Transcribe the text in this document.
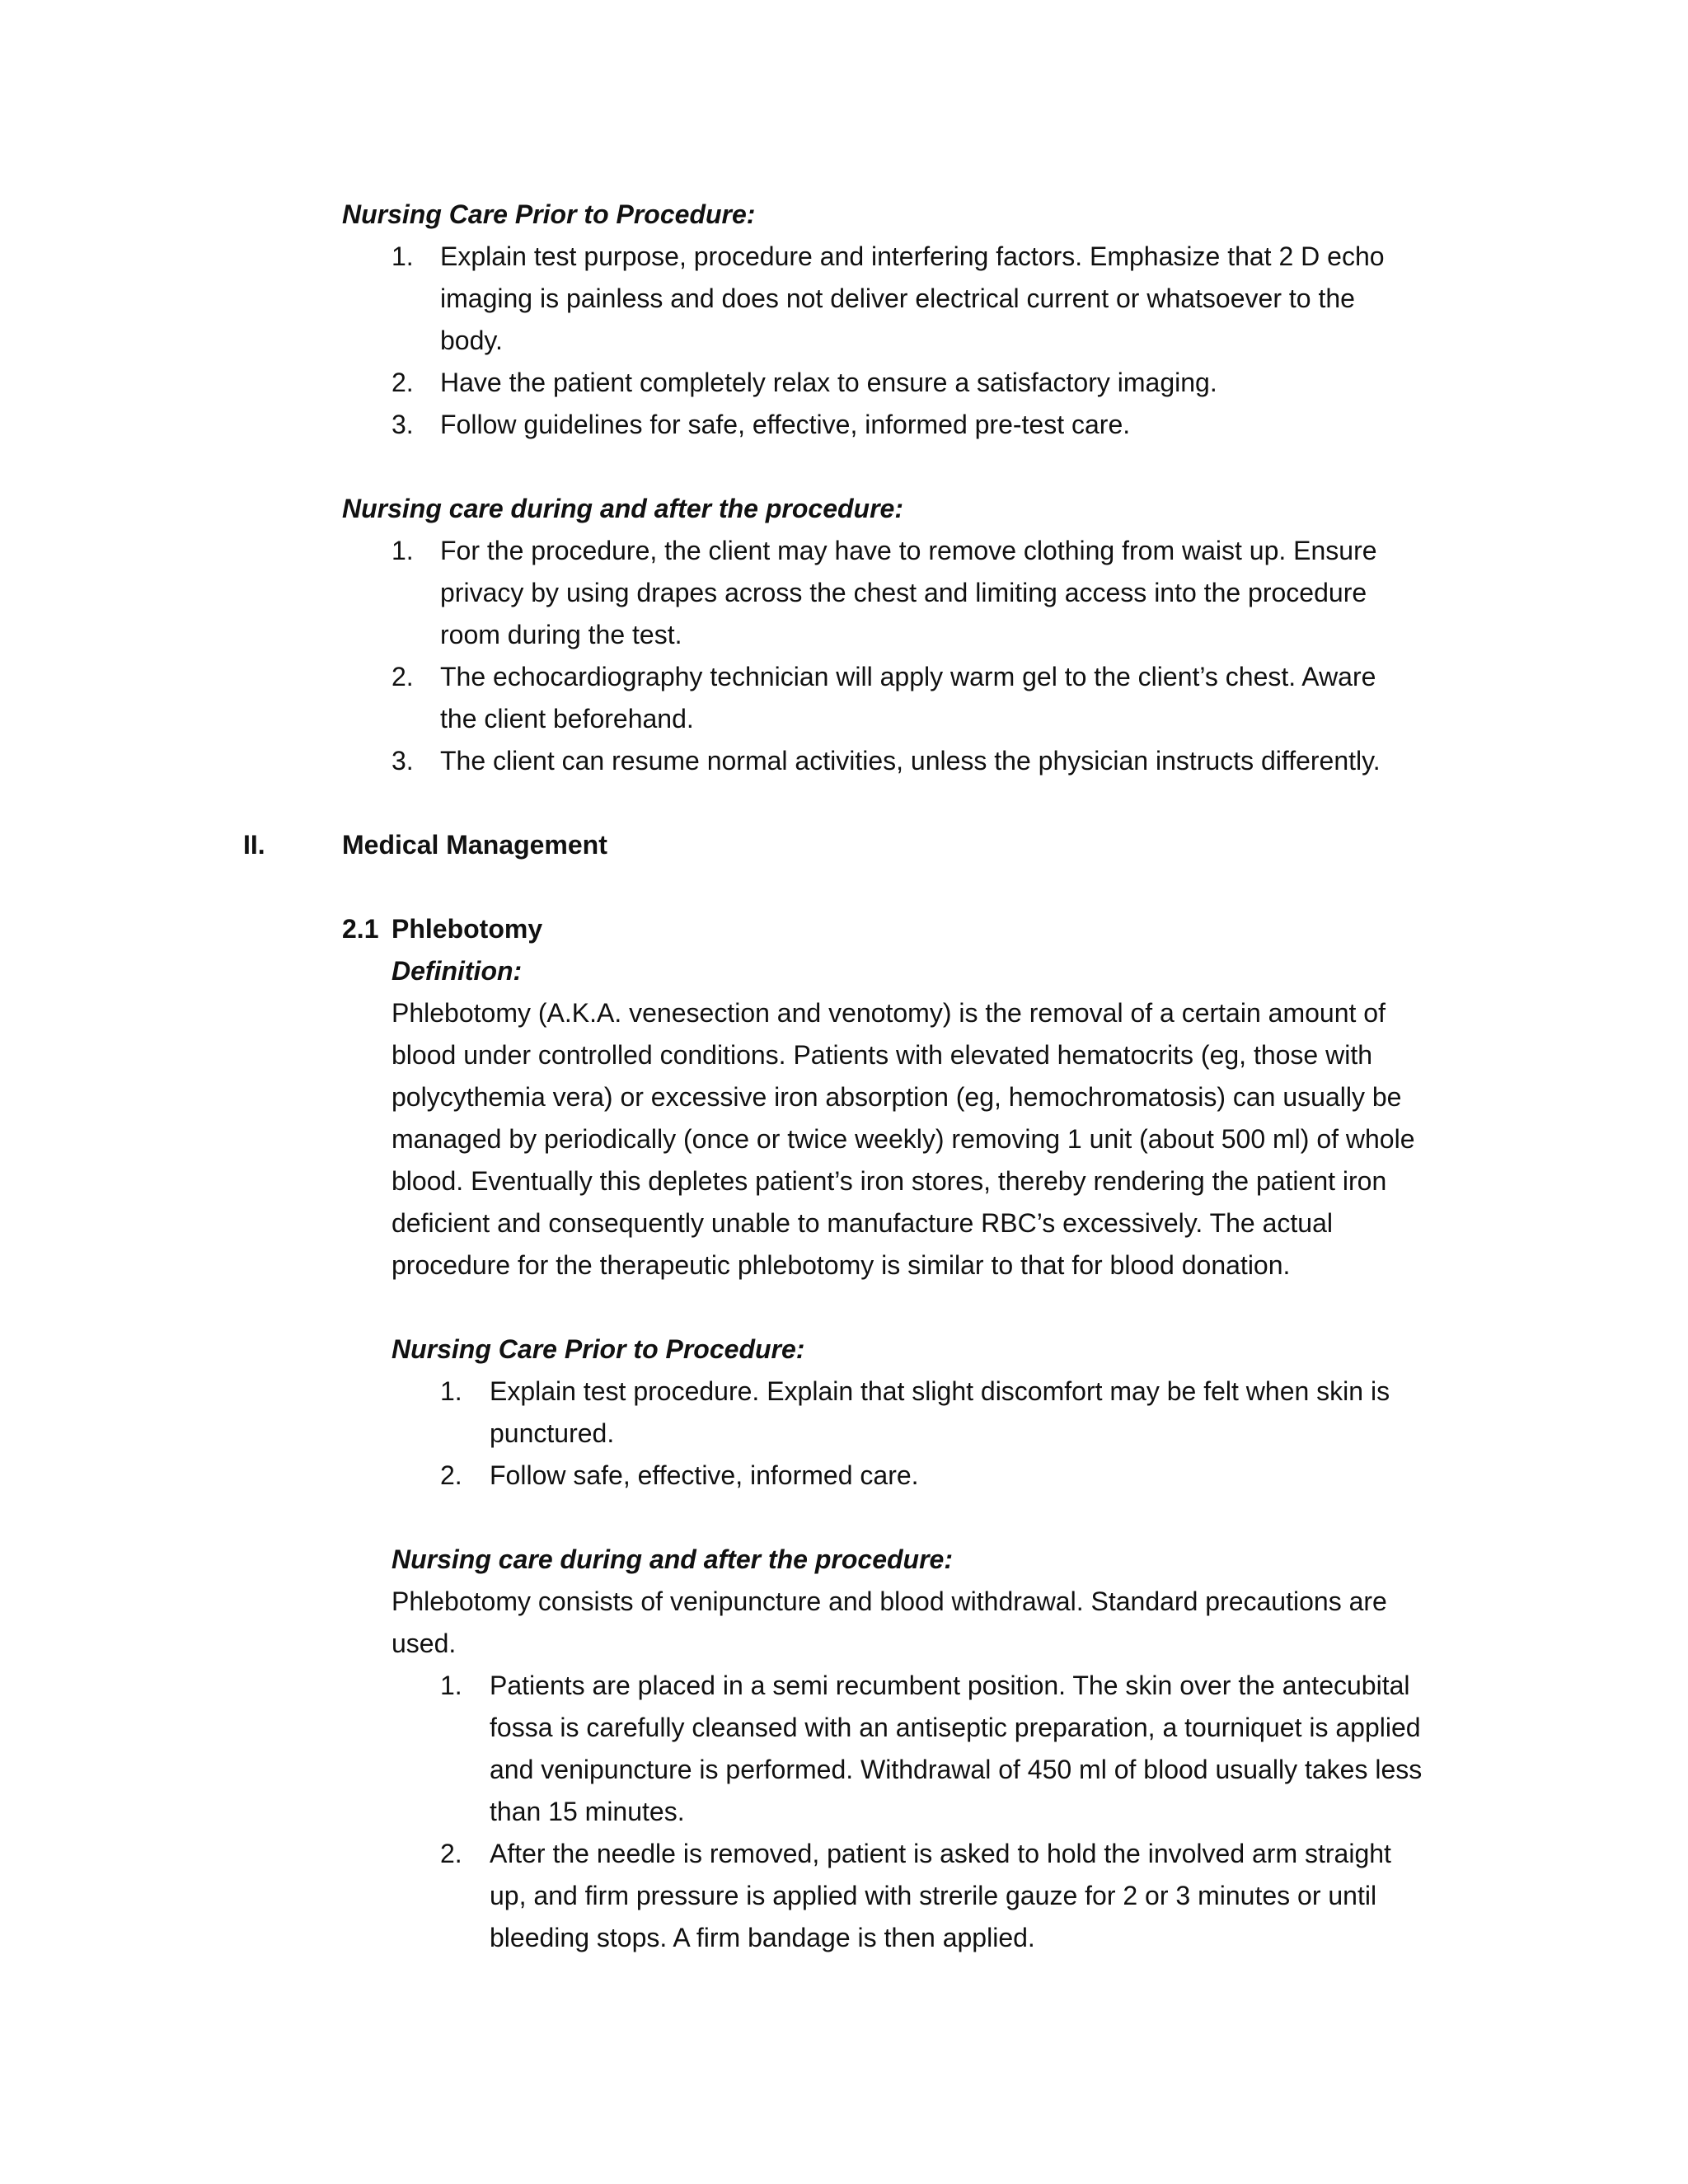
Nursing Care Prior to Procedure:
1. Explain test purpose, procedure and interfering factors. Emphasize that 2 D echo
imaging is painless and does not deliver electrical current or whatsoever to the
body.
2. Have the patient completely relax to ensure a satisfactory imaging.
3. Follow guidelines for safe, effective, informed pre-test care.
Nursing care during and after the procedure:
1. For the procedure, the client may have to remove clothing from waist up. Ensure
privacy by using drapes across the chest and limiting access into the procedure
room during the test.
2. The echocardiography technician will apply warm gel to the client’s chest. Aware
the client beforehand.
3. The client can resume normal activities, unless the physician instructs differently.
II.	Medical Management
2.1 Phlebotomy
Definition:
Phlebotomy (A.K.A. venesection and venotomy) is the removal of a certain amount of
blood under controlled conditions. Patients with elevated hematocrits (eg, those with
polycythemia vera) or excessive iron absorption (eg, hemochromatosis) can usually be
managed by periodically (once or twice weekly) removing 1 unit (about 500 ml) of whole
blood. Eventually this depletes patient’s iron stores, thereby rendering the patient iron
deficient and consequently unable to manufacture RBC’s excessively. The actual
procedure for the therapeutic phlebotomy is similar to that for blood donation.
Nursing Care Prior to Procedure:
1. Explain test procedure. Explain that slight discomfort may be felt when skin is
punctured.
2. Follow safe, effective, informed care.
Nursing care during and after the procedure:
Phlebotomy consists of venipuncture and blood withdrawal. Standard precautions are
used.
1. Patients are placed in a semi recumbent position. The skin over the antecubital
fossa is carefully cleansed with an antiseptic preparation, a tourniquet is applied
and venipuncture is performed. Withdrawal of 450 ml of blood usually takes less
than 15 minutes.
2. After the needle is removed, patient is asked to hold the involved arm straight
up, and firm pressure is applied with strerile gauze for 2 or 3 minutes or until
bleeding stops. A firm bandage is then applied.
